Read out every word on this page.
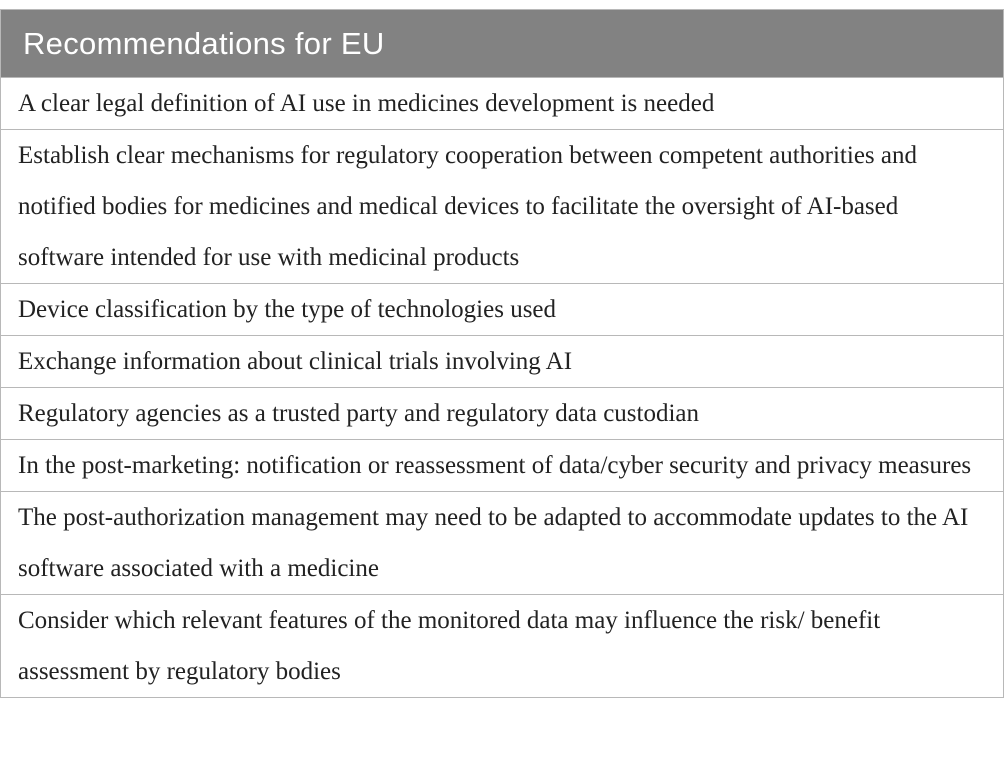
Recommendations for EU
A clear legal definition of AI use in medicines development is needed
Establish clear mechanisms for regulatory cooperation between competent authorities and notified bodies for medicines and medical devices to facilitate the oversight of AI-based software intended for use with medicinal products
Device classification by the type of technologies used
Exchange information about clinical trials involving AI
Regulatory agencies as a trusted party and regulatory data custodian
In the post-marketing: notification or reassessment of data/cyber security and privacy measures
The post-authorization management may need to be adapted to accommodate updates to the AI software associated with a medicine
Consider which relevant features of the monitored data may influence the risk/ benefit assessment by regulatory bodies
